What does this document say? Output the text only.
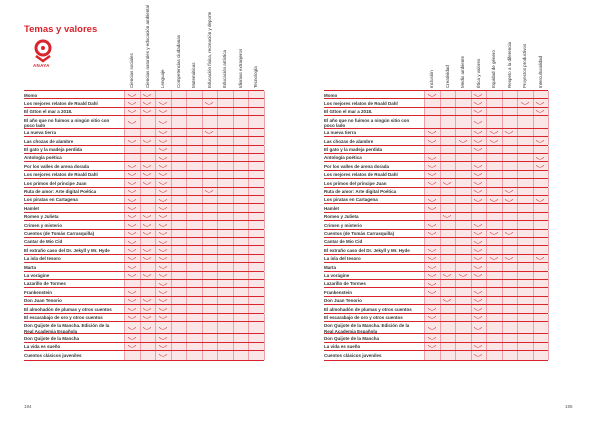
Temas y valores
ANAYA	Ciencias sociales Ciencias naturales y educación ambiental Lenguaje Competencias ciudadanas Matemáticas Educación física, recreación y deporte Educación artística Idiomas extranjeros Tecnología
Momo
Los mejores relatos de Roald Dahl
El Gtton el mar a 2018.
El año que no fuimos a ningún sitio con poco lado
La nueva tierra
Las chozas de alambre
El gato y la madeja perdida
Antología poética
Por los valles de arena dorada
Los mejores relatos de Roald Dahl
Los primos del principe Juan
Ruta de amor: Arte digital Poética
Los piratas en Cartagena
Hamlet
Romeo y Julieta
Crimen y misterio
Cuentos (de Tomás Carrasquilla)
Cantar de Mio Cid
El extraño caso del Dr. Jekyll y Mr. Hyde
La isla del tesoro
Marta
La vorágine
Lazarillo de Tormes
Frankenstein
Don Juan Tenorio
El almohadón de plumas y otros cuentos
El escarabajo de oro y otros cuentos
Don Quijote de la Mancha. Edición de la Real Academia Española
Don Quijote de la Mancha
La vida es sueño
Cuentos clásicos juveniles
Inclusión Creatividad Medio ambiente Ética y valores Equidad de género Respeto a la diferencia Proyectos productivos Interculturalidad
Momo
Los mejores relatos de Roald Dahl
El Gtton el mar a 2018.
El año que no fuimos a ningún sitio con poco lado
La nueva tierra
Las chozas de alambre
El gato y la madeja perdida
Antología poética
Por los valles de arena dorada
Los mejores relatos de Roald Dahl
Los primos del principe Juan
Ruta de amor: Arte digital Poética
Los piratas en Cartagena
Hamlet
Romeo y Julieta
Crimen y misterio
Cuentos (de Tomás Carrasquilla)
Cantar de Mio Cid
El extraño caso del Dr. Jekyll y Mr. Hyde
La isla del tesoro
Marta
La vorágine
Lazarillo de Tormes
Frankenstein
Don Juan Tenorio
El almohadón de plumas y otros cuentos
El escarabajo de oro y otros cuentos
Don Quijote de la Mancha. Edición de la Real Academia Española
Don Quijote de la Mancha
La vida es sueño
Cuentos clásicos juveniles
194	195
